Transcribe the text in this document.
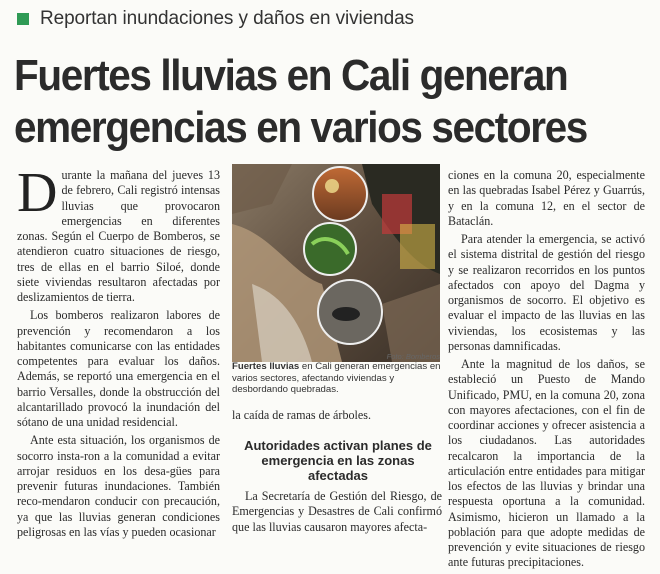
Reportan inundaciones y daños en viviendas
Fuertes lluvias en Cali generan
emergencias en varios sectores

Durante la mañana del jueves 13 de febrero, Cali registró intensas lluvias que provocaron emergencias en diferentes zonas. Según el Cuerpo de Bomberos, se atendieron cuatro situaciones de riesgo, tres de ellas en el barrio Siloé, donde siete viviendas resultaron afectadas por deslizamientos de tierra.

Los bomberos realizaron labores de prevención y recomendaron a los habitantes comunicarse con las entidades competentes para evaluar los daños. Además, se reportó una emergencia en el barrio Versalles, donde la obstrucción del alcantarillado provocó la inundación del sótano de una unidad residencial.

Ante esta situación, los organismos de socorro insta-ron a la comunidad a evitar arrojar residuos en los desa-gües para prevenir futuras inundaciones. También reco-mendaron conducir con precaución, ya que las lluvias generan condiciones peligrosas en las vías y pueden ocasionar

Foto: Bomberos
Fuertes lluvias en Cali generan emergencias en varios sectores, afectando viviendas y desbordando quebradas.

la caída de ramas de árboles.

Autoridades activan planes de emergencia en las zonas afectadas

La Secretaría de Gestión del Riesgo, de Emergencias y Desastres de Cali confirmó que las lluvias causaron mayores afecta-

ciones en la comuna 20, especialmente en las quebradas Isabel Pérez y Guarrús, y en la comuna 12, en el sector de Bataclán.

Para atender la emergencia, se activó el sistema distrital de gestión del riesgo y se realizaron recorridos en los puntos afectados con apoyo del Dagma y organismos de socorro. El objetivo es evaluar el impacto de las lluvias en las viviendas, los ecosistemas y las personas damnificadas.

Ante la magnitud de los daños, se estableció un Puesto de Mando Unificado, PMU, en la comuna 20, zona con mayores afectaciones, con el fin de coordinar acciones y ofrecer asistencia a los ciudadanos. Las autoridades recalcaron la importancia de la articulación entre entidades para mitigar los efectos de las lluvias y brindar una respuesta oportuna a la comunidad. Asimismo, hicieron un llamado a la población para que adopte medidas de prevención y evite situaciones de riesgo ante futuras precipitaciones.
